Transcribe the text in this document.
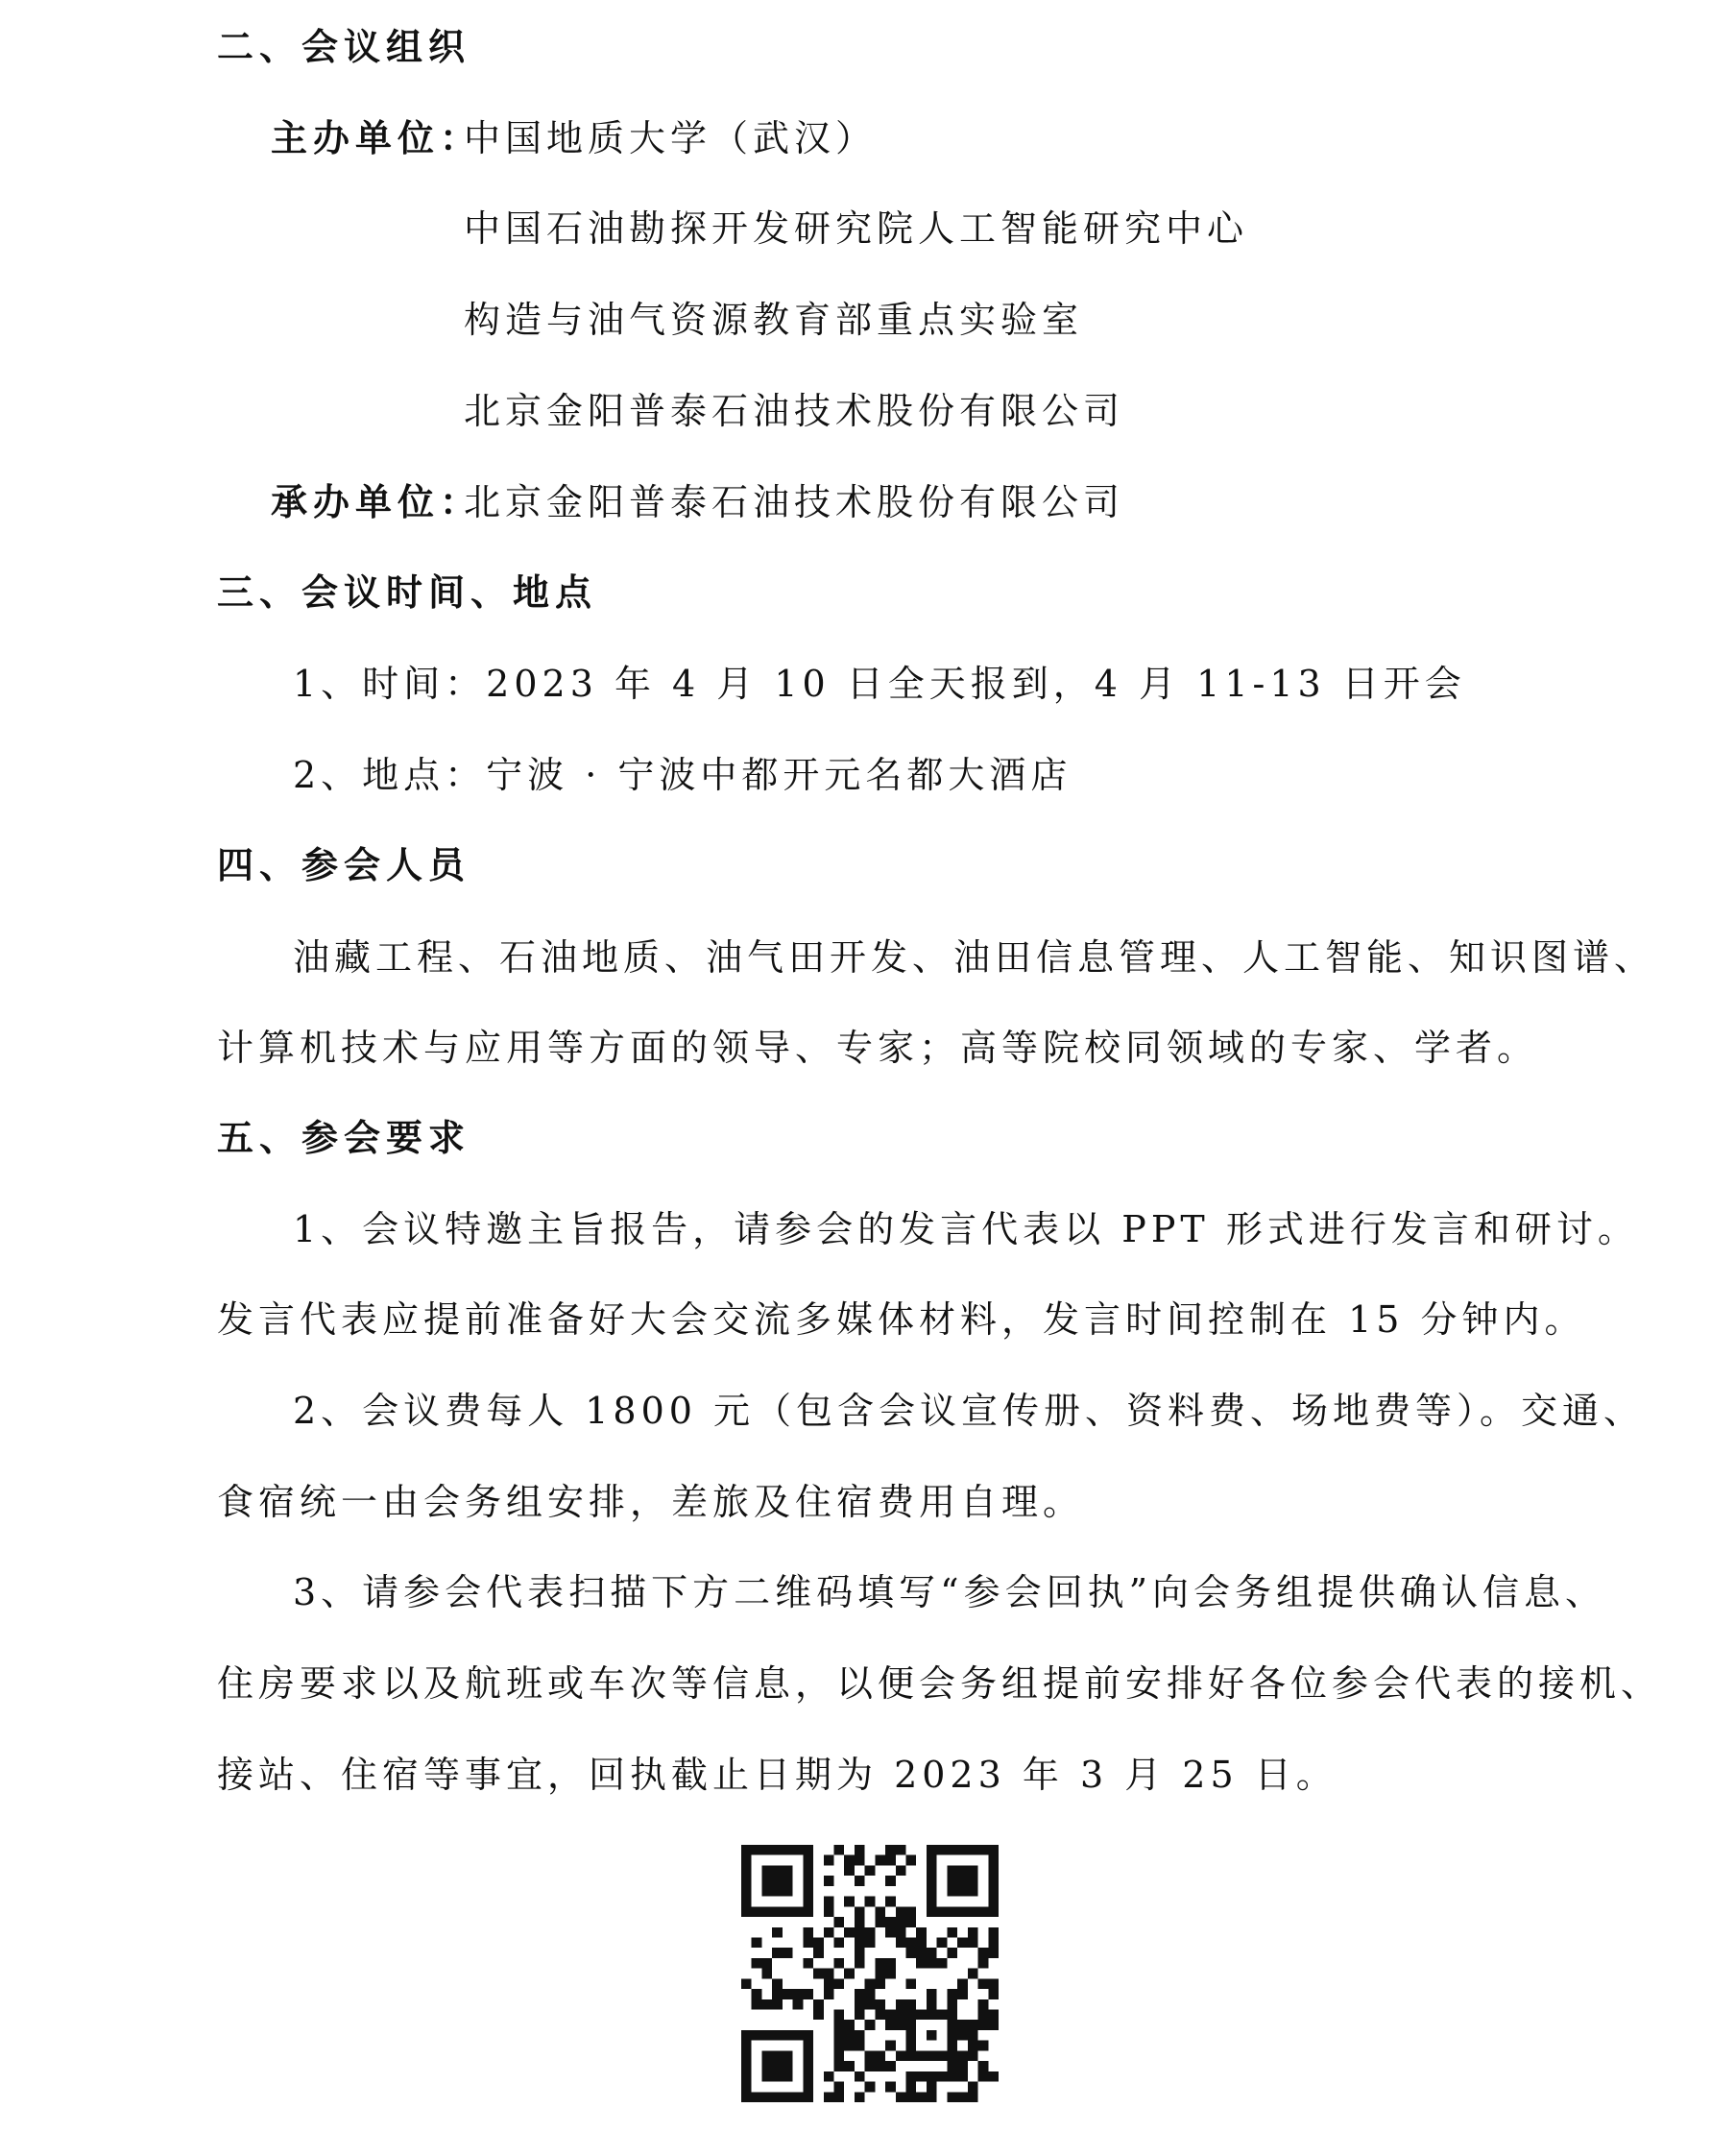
二、会议组织
主办单位：
中国地质大学（武汉）
中国石油勘探开发研究院人工智能研究中心
构造与油气资源教育部重点实验室
北京金阳普泰石油技术股份有限公司
承办单位：
北京金阳普泰石油技术股份有限公司
三、会议时间、地点
1、时间：2023 年 4 月 10 日全天报到，4 月 11-13 日开会
2、地点：宁波 · 宁波中都开元名都大酒店
四、参会人员
油藏工程、石油地质、油气田开发、油田信息管理、人工智能、知识图谱、
计算机技术与应用等方面的领导、专家；高等院校同领域的专家、学者。
五、参会要求
1、会议特邀主旨报告，请参会的发言代表以 PPT 形式进行发言和研讨。
发言代表应提前准备好大会交流多媒体材料，发言时间控制在 15 分钟内。
2、会议费每人 1800 元（包含会议宣传册、资料费、场地费等）。交通、
食宿统一由会务组安排，差旅及住宿费用自理。
3、请参会代表扫描下方二维码填写“参会回执”向会务组提供确认信息、
住房要求以及航班或车次等信息，以便会务组提前安排好各位参会代表的接机、
接站、住宿等事宜，回执截止日期为 2023 年 3 月 25 日。
